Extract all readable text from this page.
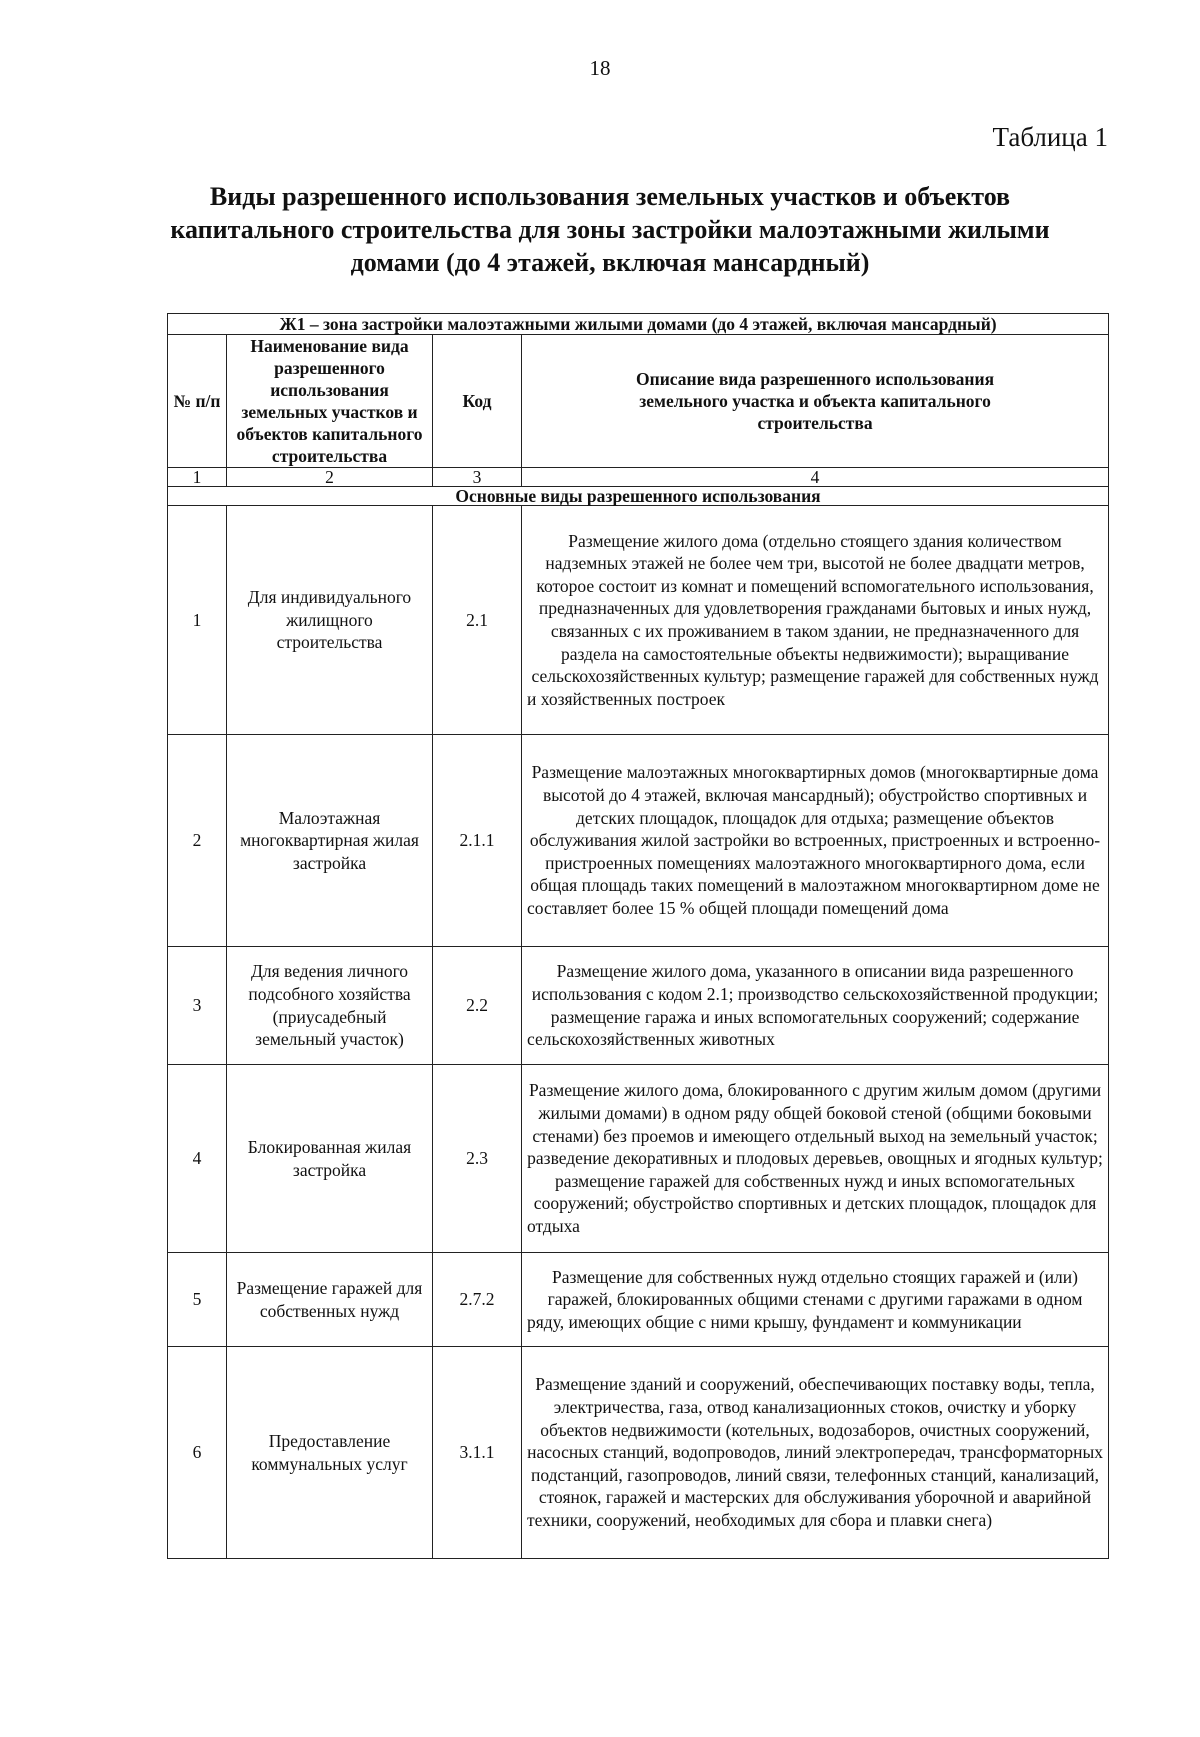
18
Таблица 1
Виды разрешенного использования земельных участков и объектов капитального строительства для зоны застройки малоэтажными жилыми домами (до 4 этажей, включая мансардный)
Ж1 – зона застройки малоэтажными жилыми домами (до 4 этажей, включая мансардный)			
№ п/п	Наименование вида разрешенного использования земельных участков и объектов капитального строительства	Код	Описание вида разрешенного использования земельного участка и объекта капитального строительства
1	2	3	4
Основные виды разрешенного использования			
1	Для индивидуального жилищного строительства	2.1	Размещение жилого дома (отдельно стоящего здания количеством надземных этажей не более чем три, высотой не более двадцати метров, которое состоит из комнат и помещений вспомогательного использования, предназначенных для удовлетворения гражданами бытовых и иных нужд, связанных с их проживанием в таком здании, не предназначенного для раздела на самостоятельные объекты недвижимости); выращивание сельскохозяйственных культур; размещение гаражей для собственных нужд и хозяйственных построек
2	Малоэтажная многоквартирная жилая застройка	2.1.1	Размещение малоэтажных многоквартирных домов (многоквартирные дома высотой до 4 этажей, включая мансардный); обустройство спортивных и детских площадок, площадок для отдыха; размещение объектов обслуживания жилой застройки во встроенных, пристроенных и встроенно-пристроенных помещениях малоэтажного многоквартирного дома, если общая площадь таких помещений в малоэтажном многоквартирном доме не составляет более 15 % общей площади помещений дома
3	Для ведения личного подсобного хозяйства (приусадебный земельный участок)	2.2	Размещение жилого дома, указанного в описании вида разрешенного использования с кодом 2.1; производство сельскохозяйственной продукции; размещение гаража и иных вспомогательных сооружений; содержание сельскохозяйственных животных
4	Блокированная жилая застройка	2.3	Размещение жилого дома, блокированного с другим жилым домом (другими жилыми домами) в одном ряду общей боковой стеной (общими боковыми стенами) без проемов и имеющего отдельный выход на земельный участок; разведение декоративных и плодовых деревьев, овощных и ягодных культур; размещение гаражей для собственных нужд и иных вспомогательных сооружений; обустройство спортивных и детских площадок, площадок для отдыха
5	Размещение гаражей для собственных нужд	2.7.2	Размещение для собственных нужд отдельно стоящих гаражей и (или) гаражей, блокированных общими стенами с другими гаражами в одном ряду, имеющих общие с ними крышу, фундамент и коммуникации
6	Предоставление коммунальных услуг	3.1.1	Размещение зданий и сооружений, обеспечивающих поставку воды, тепла, электричества, газа, отвод канализационных стоков, очистку и уборку объектов недвижимости (котельных, водозаборов, очистных сооружений, насосных станций, водопроводов, линий электропередач, трансформаторных подстанций, газопроводов, линий связи, телефонных станций, канализаций, стоянок, гаражей и мастерских для обслуживания уборочной и аварийной техники, сооружений, необходимых для сбора и плавки снега)
